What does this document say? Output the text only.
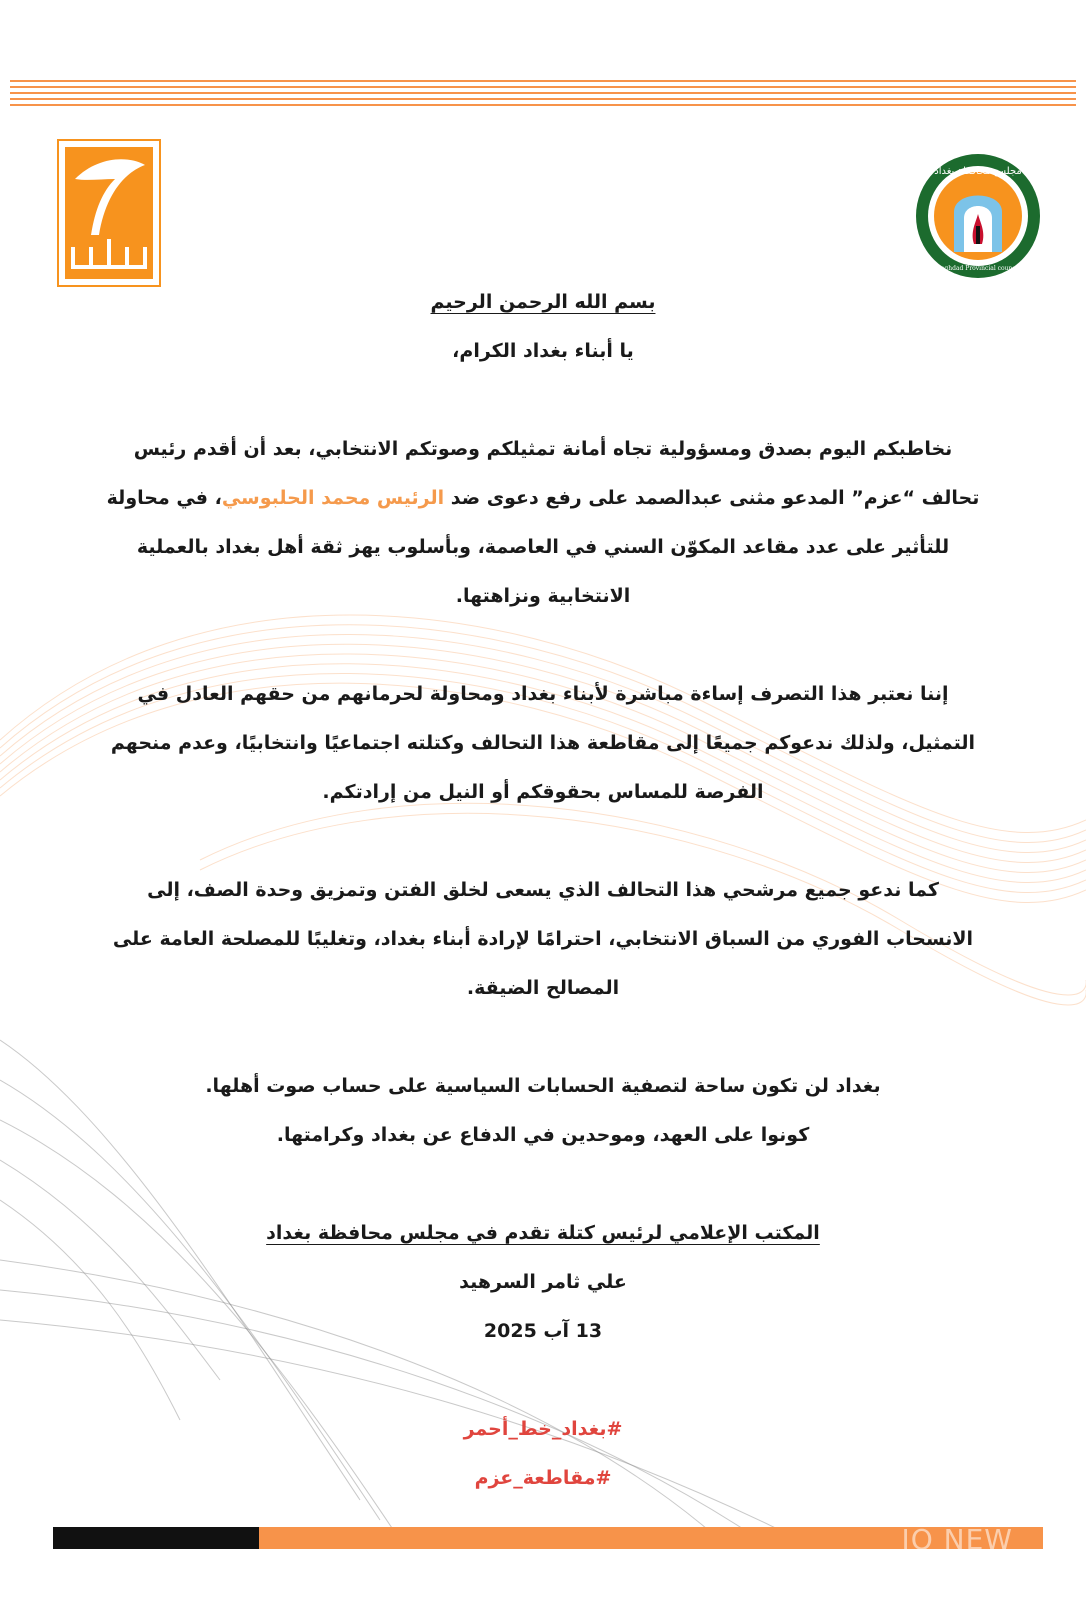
مجلس محافظة بغداد
Baghdad Provincial council

بسم الله الرحمن الرحيم

يا أبناء بغداد الكرام،

نخاطبكم اليوم بصدق ومسؤولية تجاه أمانة تمثيلكم وصوتكم الانتخابي، بعد أن أقدم رئيس

تحالف “عزم” المدعو مثنى عبدالصمد على رفع دعوى ضد الرئيس محمد الحلبوسي، في محاولة

للتأثير على عدد مقاعد المكوّن السني في العاصمة، وبأسلوب يهز ثقة أهل بغداد بالعملية

الانتخابية ونزاهتها.

إننا نعتبر هذا التصرف إساءة مباشرة لأبناء بغداد ومحاولة لحرمانهم من حقهم العادل في

التمثيل، ولذلك ندعوكم جميعًا إلى مقاطعة هذا التحالف وكتلته اجتماعيًا وانتخابيًا، وعدم منحهم

الفرصة للمساس بحقوقكم أو النيل من إرادتكم.

كما ندعو جميع مرشحي هذا التحالف الذي يسعى لخلق الفتن وتمزيق وحدة الصف، إلى

الانسحاب الفوري من السباق الانتخابي، احترامًا لإرادة أبناء بغداد، وتغليبًا للمصلحة العامة على

المصالح الضيقة.

بغداد لن تكون ساحة لتصفية الحسابات السياسية على حساب صوت أهلها.

كونوا على العهد، وموحدين في الدفاع عن بغداد وكرامتها.

المكتب الإعلامي لرئيس كتلة تقدم في مجلس محافظة بغداد

علي ثامر السرهيد

13 آب 2025

#بغداد_خط_أحمر

#مقاطعة_عزم

IQ NEW
